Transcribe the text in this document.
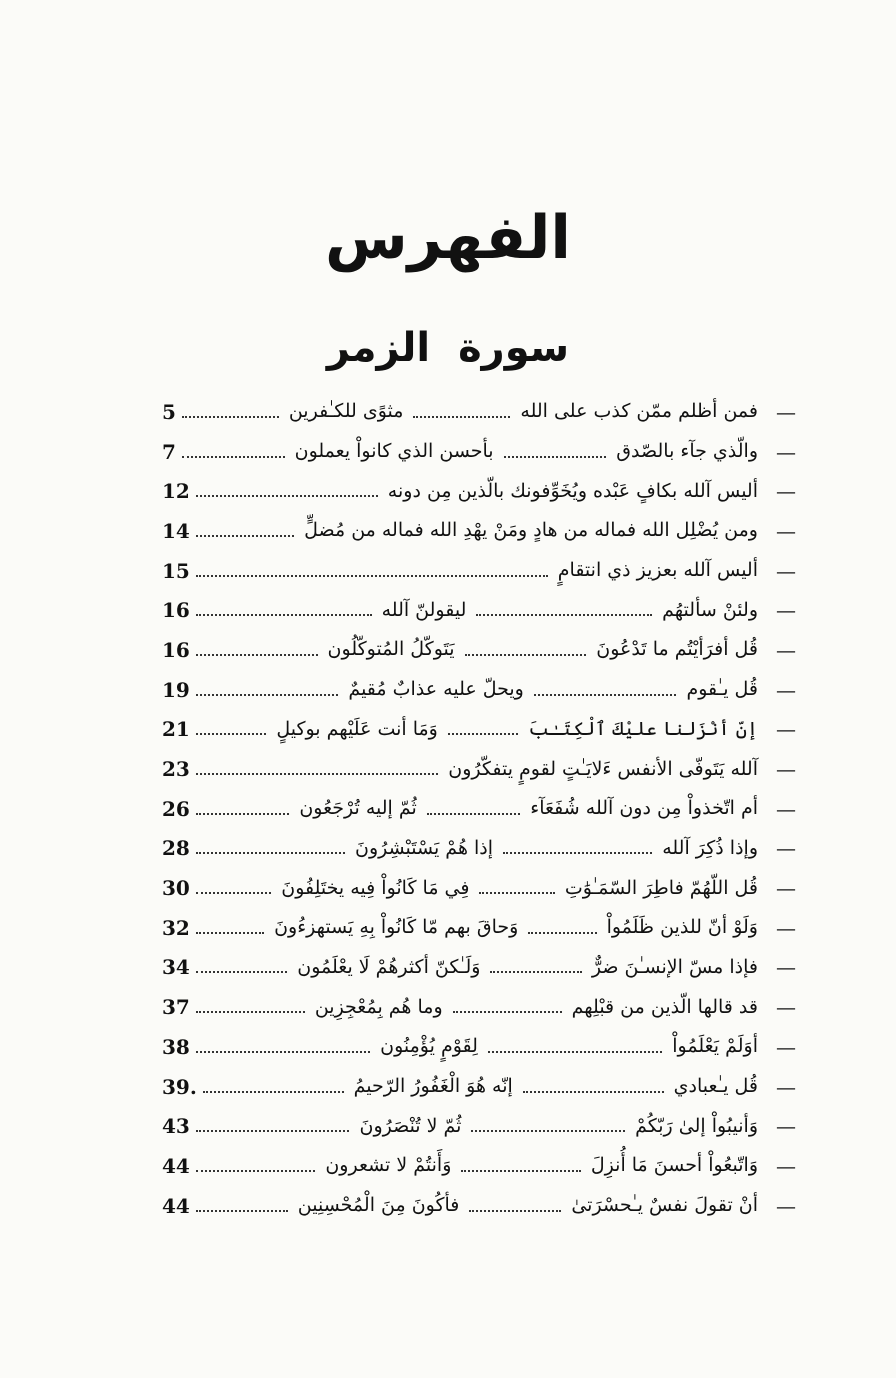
الفهرس
سورة الزمر
—
فمن أظلم ممّن كذب على الله
مثوًى للكـٰفرين
5
—
والّذي جآء بالصّدق
بأحسن الذي كانواْ يعملون
7
—
أليس آلله بكافٍ عَبْده ويُخَوِّفونك بالّذين مِن دونه
12
—
ومن يُضْلِل الله فماله من هادٍ ومَنْ يهْدِ الله فماله من مُضلٍّ
14
—
أليس آلله بعزيز ذي انتقامٍ
15
—
ولئنْ سألتهُم
ليقولنّ آلله
16
—
قُل أفرَأيْتُم ما تَدْعُونَ
يَتَوكّلُ المُتوكّلُون
16
—
قُل يـٰقوم
ويحلّ عليه عذابٌ مُقيمٌ
19
—
إنّ أنْزَلنا عليْكَ ٱلْكِتَـٰبَ
وَمَا أنت عَلَيْهم بوكيلٍ
21
—
آلله يَتَوفّى الأنفس ءَلايَـٰتٍ لقومٍ يتفكّرُون
23
—
أم اتّخذواْ مِن دون آلله شُفَعَآء
ثُمّ إليه تُرْجَعُون
26
—
وإذا ذُكِرَ آلله
إذا هُمْ يَسْتَبْشِرُونَ
28
—
قُل اللّهُمّ فاطِرَ السّمَـٰوَٰتِ
فِي مَا كَانُواْ فِيه يختَلِفُونَ
30
—
وَلَوْ أنّ للذين ظَلَمُواْ
وَحاقَ بهم مّا كَانُواْ بِهِ يَستهزءُونَ
32
—
فإذا مسّ الإنسـٰنَ ضرٌّ
وَلَـٰكنّ أكثرهُمْ لَا يعْلَمُون
34
—
قد قالها الّذين من قبْلِهم
وما هُم بِمُعْجِزِين
37
—
أوَلَمْ يَعْلَمُواْ
لِقَوْمٍ يُؤْمِنُون
38
—
قُل يـٰعبادي
إنّه هُوَ الْغَفُورُ الرّحيمُ
39.
—
وَأنيبُواْ إلىٰ رَبّكُمْ
ثُمّ لا تُنْصَرُونَ
43
—
وَاتّبعُواْ أحسنَ مَا أُنزِلَ
وَأَنتُمْ لا تشعرون
44
—
أنْ تقولَ نفسٌ يـٰحسْرَتىٰ
فأكُونَ مِنَ الْمُحْسِنِين
44
